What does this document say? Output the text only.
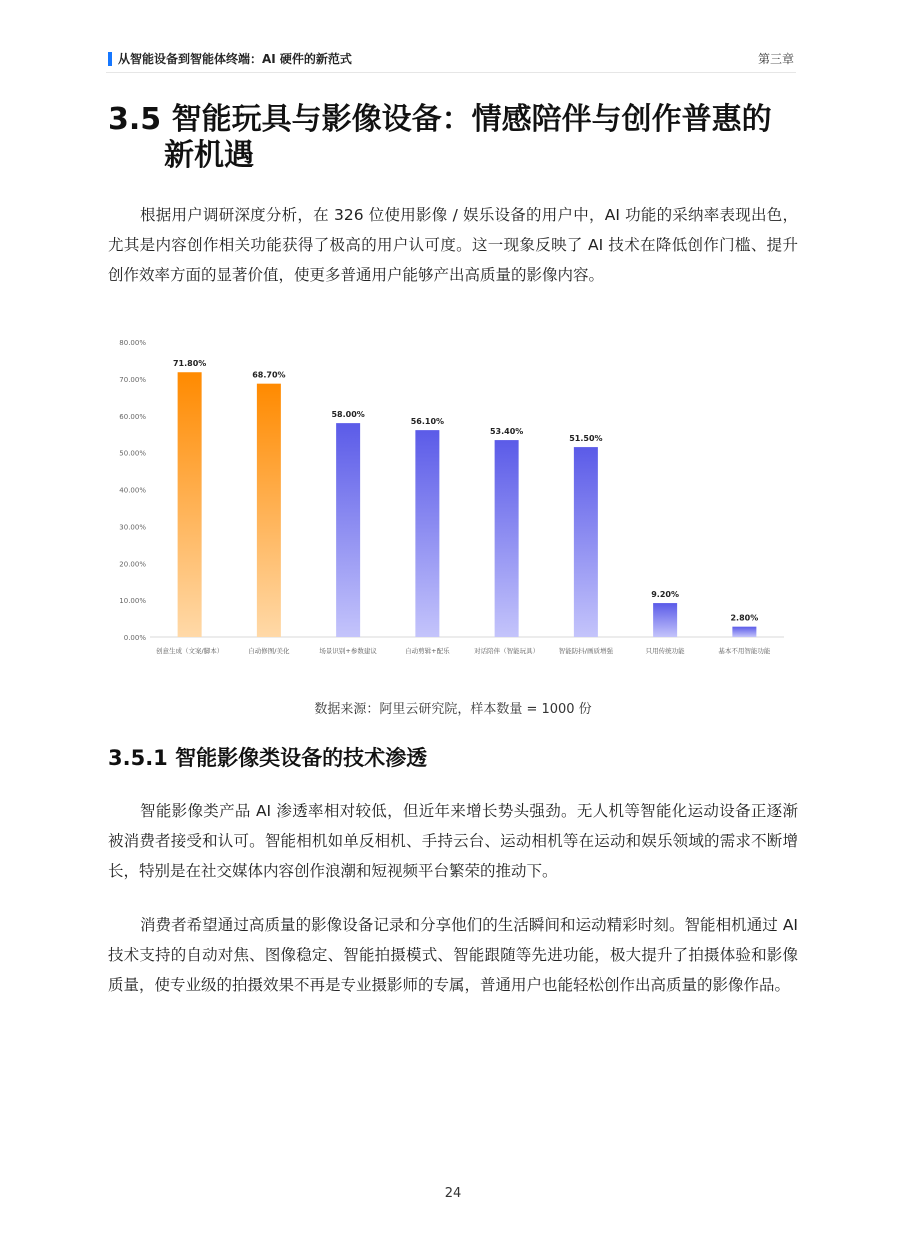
从智能设备到智能体终端：AI 硬件的新范式	第三章
3.5 智能玩具与影像设备：情感陪伴与创作普惠的
新机遇
根据用户调研深度分析，在 326 位使用影像 / 娱乐设备的用户中，AI 功能的采纳率表现出色，尤其是内容创作相关功能获得了极高的用户认可度。这一现象反映了 AI 技术在降低创作门槛、提升创作效率方面的显著价值，使更多普通用户能够产出高质量的影像内容。
0.00%
10.00%
20.00%
30.00%
40.00%
50.00%
60.00%
70.00%
80.00%
71.80%
创意生成（文案/脚本）
68.70%
自动修图/美化
58.00%
场景识别+参数建议
56.10%
自动剪辑+配乐
53.40%
对话陪伴（智能玩具）
51.50%
智能防抖/画质增强
9.20%
只用传统功能
2.80%
基本不用智能功能
数据来源：阿里云研究院，样本数量 = 1000 份
3.5.1 智能影像类设备的技术渗透
智能影像类产品 AI 渗透率相对较低，但近年来增长势头强劲。无人机等智能化运动设备正逐渐被消费者接受和认可。智能相机如单反相机、手持云台、运动相机等在运动和娱乐领域的需求不断增长，特别是在社交媒体内容创作浪潮和短视频平台繁荣的推动下。
消费者希望通过高质量的影像设备记录和分享他们的生活瞬间和运动精彩时刻。智能相机通过 AI 技术支持的自动对焦、图像稳定、智能拍摄模式、智能跟随等先进功能，极大提升了拍摄体验和影像质量，使专业级的拍摄效果不再是专业摄影师的专属，普通用户也能轻松创作出高质量的影像作品。
24
